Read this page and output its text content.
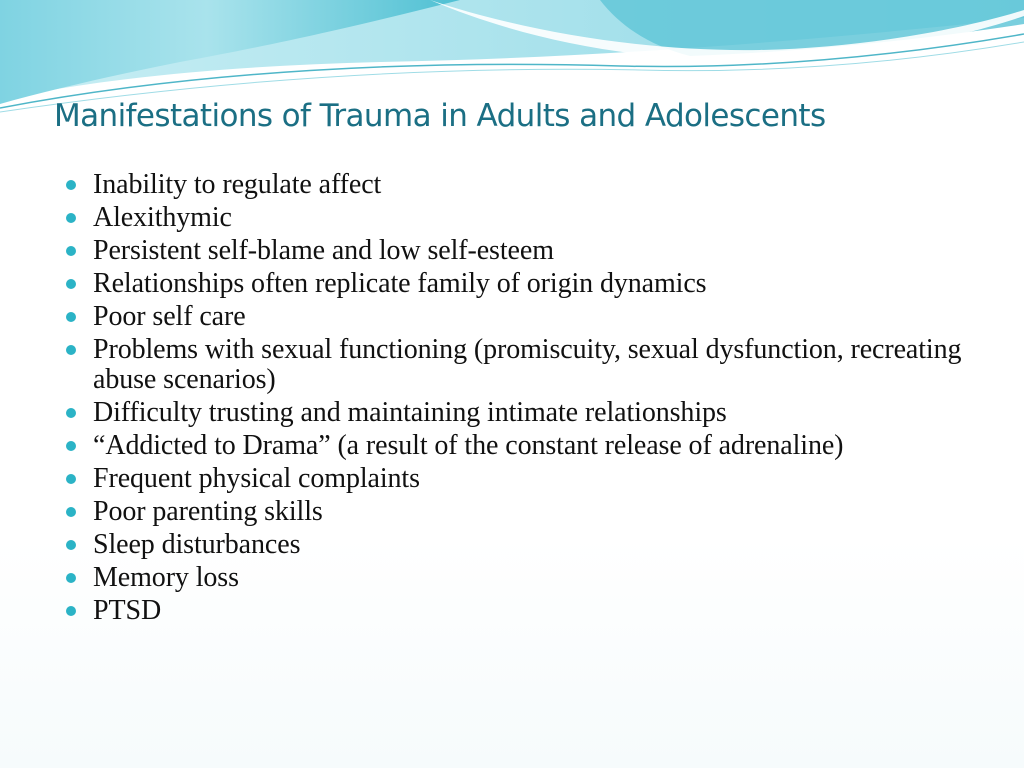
Manifestations of Trauma in Adults and Adolescents
Inability to regulate affect
Alexithymic
Persistent self-blame and low self-esteem
Relationships often replicate family of origin dynamics
Poor self care
Problems with sexual functioning (promiscuity, sexual dysfunction, recreating abuse scenarios)
Difficulty trusting and maintaining intimate relationships
“Addicted to Drama” (a result of the constant release of adrenaline)
Frequent physical complaints
Poor parenting skills
Sleep disturbances
Memory loss
PTSD
